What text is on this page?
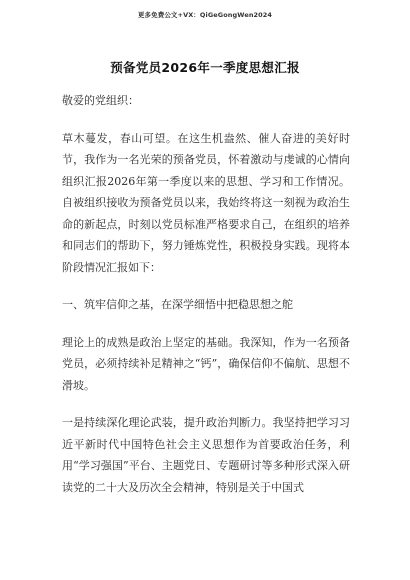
更多免费公文+VX：QiGeGongWen2024
预备党员2026年一季度思想汇报

敬爱的党组织：

草木蔓发，春山可望。在这生机盎然、催人奋进的美好时节，我作为一名光荣的预备党员，怀着激动与虔诚的心情向组织汇报2026年第一季度以来的思想、学习和工作情况。自被组织接收为预备党员以来，我始终将这一刻视为政治生命的新起点，时刻以党员标准严格要求自己，在组织的培养和同志们的帮助下，努力锤炼党性，积极投身实践。现将本阶段情况汇报如下：

一、筑牢信仰之基，在深学细悟中把稳思想之舵

理论上的成熟是政治上坚定的基础。我深知，作为一名预备党员，必须持续补足精神之“钙”，确保信仰不偏航、思想不滑坡。

一是持续深化理论武装，提升政治判断力。我坚持把学习习近平新时代中国特色社会主义思想作为首要政治任务，利用“学习强国”平台、主题党日、专题研讨等多种形式深入研读党的二十大及历次全会精神，特别是关于中国式
